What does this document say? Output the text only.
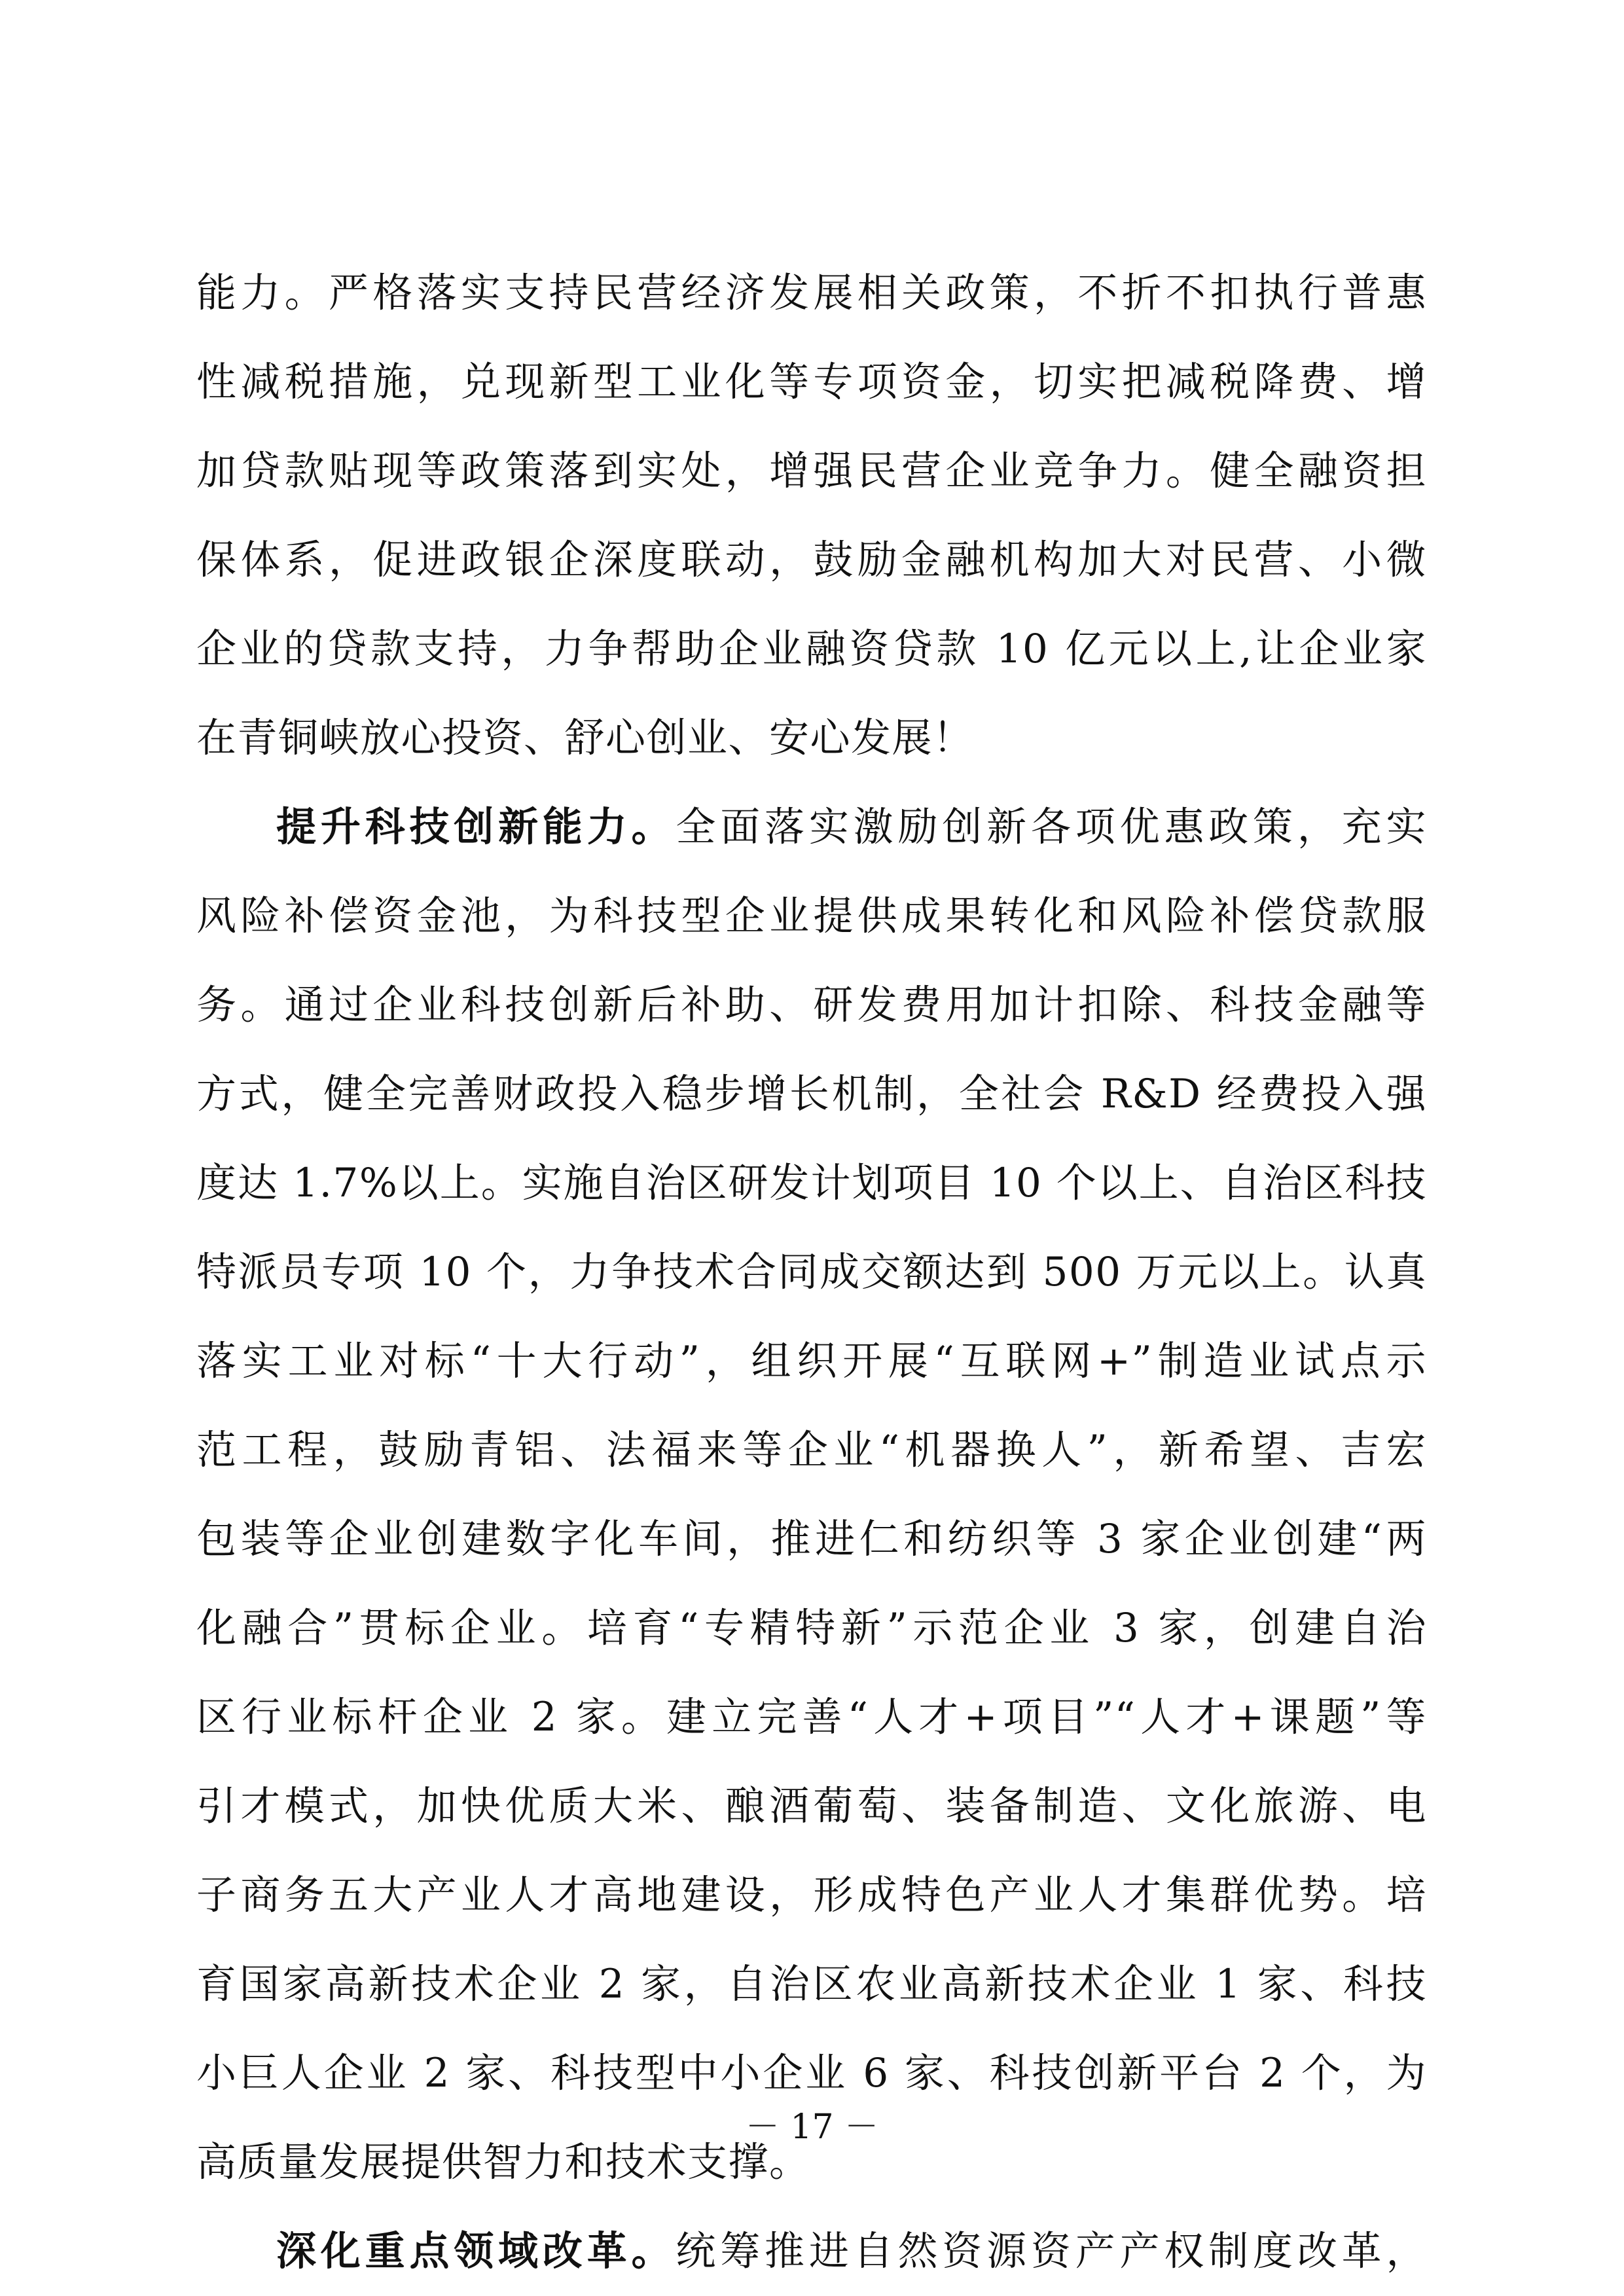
能力。严格落实支持民营经济发展相关政策，不折不扣执行普惠
性减税措施，兑现新型工业化等专项资金，切实把减税降费、增
加贷款贴现等政策落到实处，增强民营企业竞争力。健全融资担
保体系，促进政银企深度联动，鼓励金融机构加大对民营、小微
企业的贷款支持，力争帮助企业融资贷款 10 亿元以上,让企业家
在青铜峡放心投资、舒心创业、安心发展！
提升科技创新能力。全面落实激励创新各项优惠政策，充实
风险补偿资金池，为科技型企业提供成果转化和风险补偿贷款服
务。通过企业科技创新后补助、研发费用加计扣除、科技金融等
方式，健全完善财政投入稳步增长机制，全社会 R&D 经费投入强
度达 1.7%以上。实施自治区研发计划项目 10 个以上、自治区科技
特派员专项 10 个，力争技术合同成交额达到 500 万元以上。认真
落实工业对标“十大行动”，组织开展“互联网+”制造业试点示
范工程，鼓励青铝、法福来等企业“机器换人”，新希望、吉宏
包装等企业创建数字化车间，推进仁和纺织等 3 家企业创建“两
化融合”贯标企业。培育“专精特新”示范企业 3 家，创建自治
区行业标杆企业 2 家。建立完善“人才+项目”“人才+课题”等
引才模式，加快优质大米、酿酒葡萄、装备制造、文化旅游、电
子商务五大产业人才高地建设，形成特色产业人才集群优势。培
育国家高新技术企业 2 家，自治区农业高新技术企业 1 家、科技
小巨人企业 2 家、科技型中小企业 6 家、科技创新平台 2 个，为
高质量发展提供智力和技术支撑。
深化重点领域改革。统筹推进自然资源资产产权制度改革，
－ 17 －
